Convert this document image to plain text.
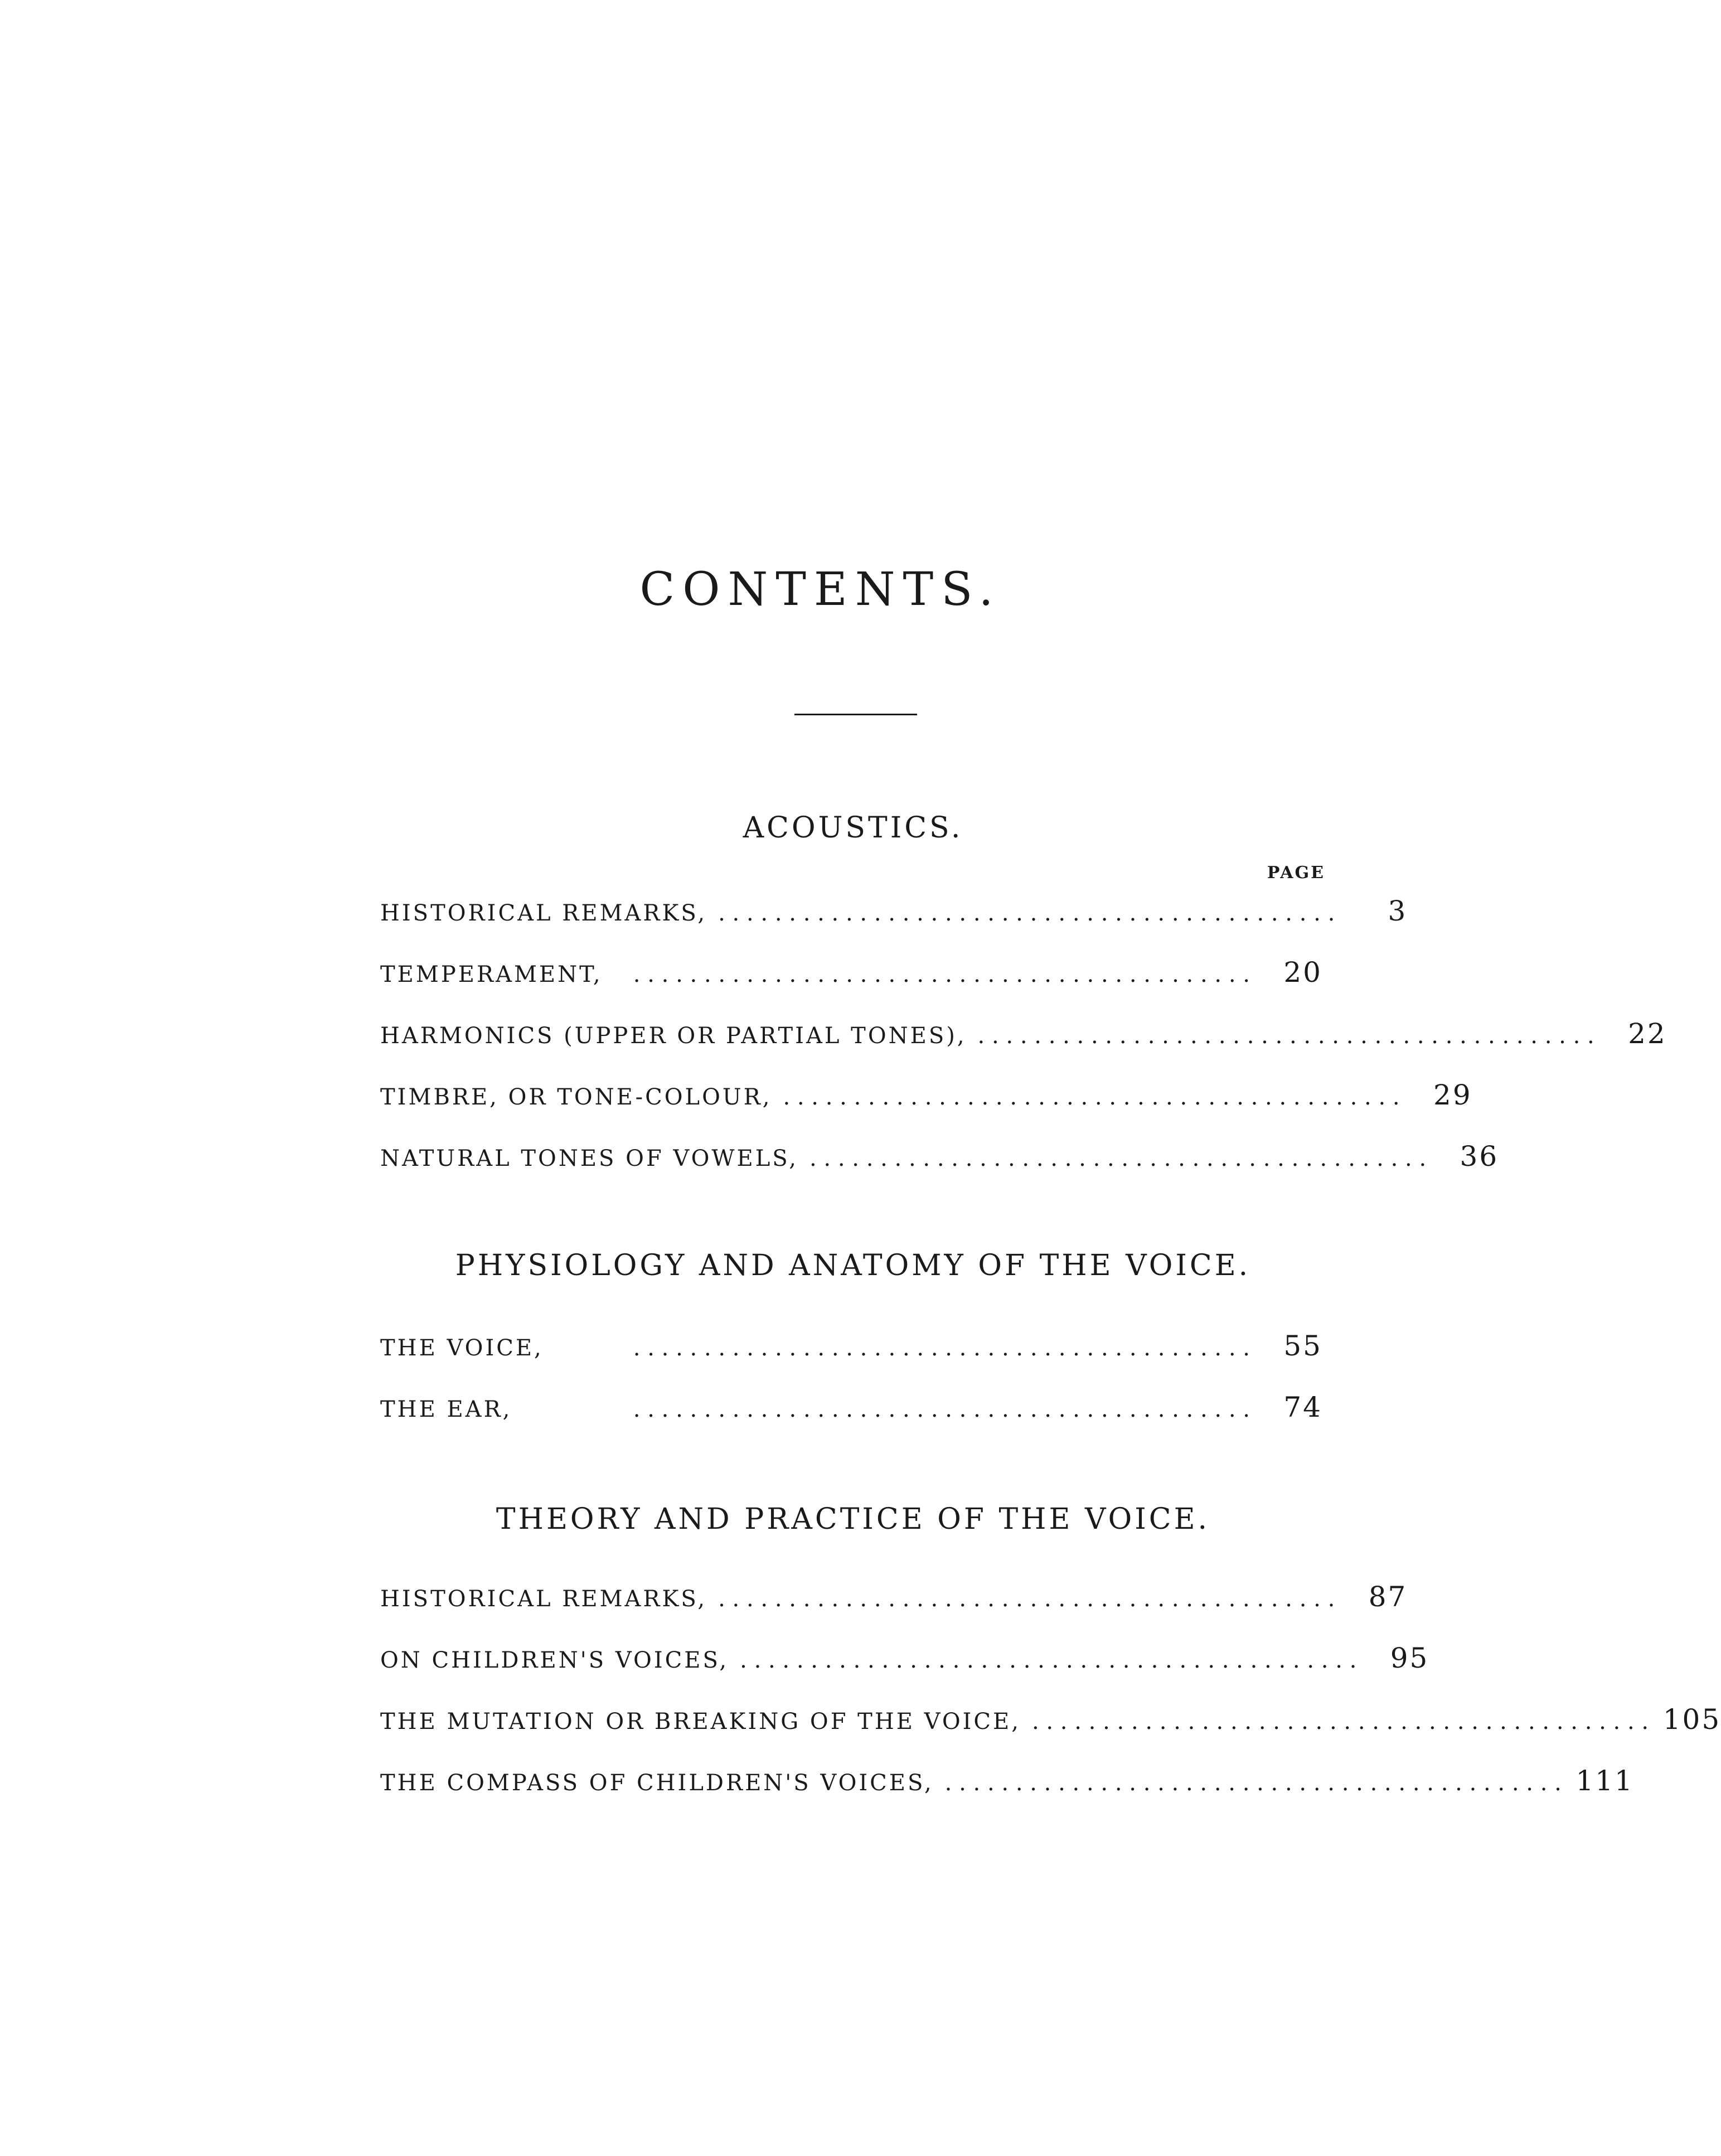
CONTENTS.
ACOUSTICS.
PAGE
HISTORICAL REMARKS, . . . . . . . . . . . . . . . . . . . . . . . . . . . . . . . . . . . . . . . . . . . .	3
TEMPERAMENT,	. . . . . . . . . . . . . . . . . . . . . . . . . . . . . . . . . . . . . . . . . . . .	20
HARMONICS (UPPER OR PARTIAL TONES), . . . . . . . . . . . . . . . . . . . . . . . . . . . . . . . . . . . . . . . . . . . .	22
TIMBRE, OR TONE-COLOUR, . . . . . . . . . . . . . . . . . . . . . . . . . . . . . . . . . . . . . . . . . . . .	29
NATURAL TONES OF VOWELS, . . . . . . . . . . . . . . . . . . . . . . . . . . . . . . . . . . . . . . . . . . . .	36
PHYSIOLOGY AND ANATOMY OF THE VOICE.
THE VOICE,	. . . . . . . . . . . . . . . . . . . . . . . . . . . . . . . . . . . . . . . . . . . .	55
THE EAR,	. . . . . . . . . . . . . . . . . . . . . . . . . . . . . . . . . . . . . . . . . . . .	74
THEORY AND PRACTICE OF THE VOICE.
HISTORICAL REMARKS, . . . . . . . . . . . . . . . . . . . . . . . . . . . . . . . . . . . . . . . . . . . .	87
ON CHILDREN'S VOICES, . . . . . . . . . . . . . . . . . . . . . . . . . . . . . . . . . . . . . . . . . . . .	95
THE MUTATION OR BREAKING OF THE VOICE, . . . . . . . . . . . . . . . . . . . . . . . . . . . . . . . . . . . . . . . . . . . . 105
THE COMPASS OF CHILDREN'S VOICES, . . . . . . . . . . . . . . . . . . . . . . . . . . . . . . . . . . . . . . . . . . . . 111
